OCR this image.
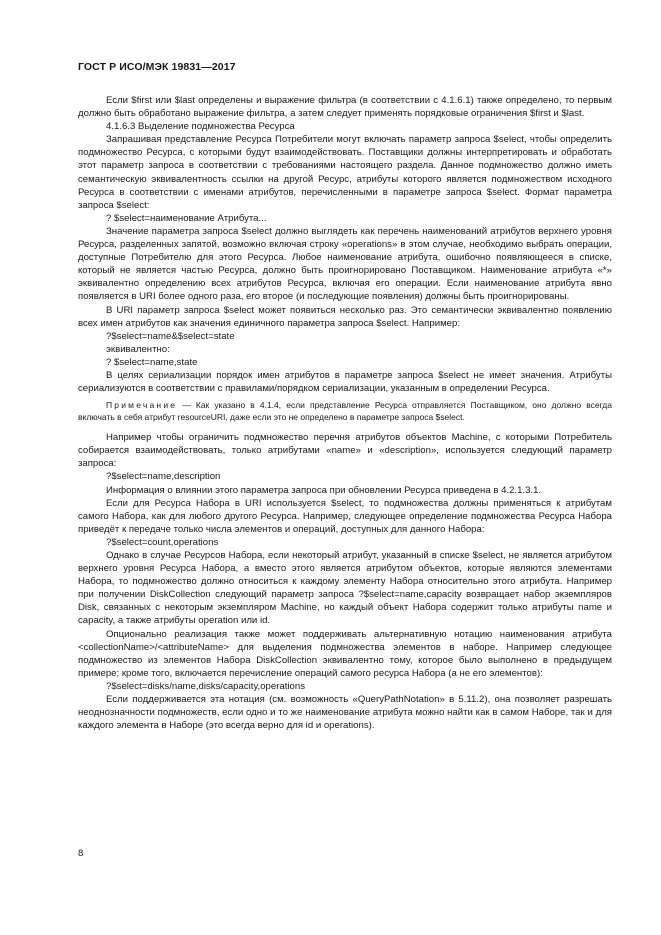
ГОСТ Р ИСО/МЭК 19831—2017

Если $first или $last определены и выражение фильтра (в соответствии с 4.1.6.1) также определено, то первым должно быть обработано выражение фильтра, а затем следует применять порядковые ограничения $first и $last.

4.1.6.3 Выделение подмножества Ресурса

Запрашивая представление Ресурса Потребители могут включать параметр запроса $select, чтобы определить подмножество Ресурса, с которыми будут взаимодействовать. Поставщики должны интерпретировать и обработать этот параметр запроса в соответствии с требованиями настоящего раздела. Данное подмножество должно иметь семантическую эквивалентность ссылки на другой Ресурс, атрибуты которого является подмножеством исходного Ресурса в соответствии с именами атрибутов, перечисленными в параметре запроса $select. Формат параметра запроса $select:

? $select=наименование Атрибута...

Значение параметра запроса $select должно выглядеть как перечень наименований атрибутов верхнего уровня Ресурса, разделенных запятой, возможно включая строку «operations» в этом случае, необходимо выбрать операции, доступные Потребителю для этого Ресурса. Любое наименование атрибута, ошибочно появляющееся в списке, который не является частью Ресурса, должно быть проигнорировано Поставщиком. Наименование атрибута «*» эквивалентно определению всех атрибутов Ресурса, включая его операции. Если наименование атрибута явно появляется в URI более одного раза, его второе (и последующие появления) должны быть проигнорированы.

В URI параметр запроса $select может появиться несколько раз. Это семантически эквивалентно появлению всех имен атрибутов как значения единичного параметра запроса $select. Например:

?$select=name&$select=state

эквивалентно:

? $select=name,state

В целях сериализации порядок имен атрибутов в параметре запроса $select не имеет значения. Атрибуты сериализуются в соответствии с правилами/порядком сериализации, указанным в определении Ресурса.

Примечание — Как указано в 4.1.4, если представление Ресурса отправляется Поставщиком, оно должно всегда включать в себя атрибут resourceURI, даже если это не определено в параметре запроса $select.

Например чтобы ограничить подмножество перечня атрибутов объектов Machine, с которыми Потребитель собирается взаимодействовать, только атрибутами «name» и «description», используется следующий параметр запроса:

?$select=name,description

Информация о влиянии этого параметра запроса при обновлении Ресурса приведена в 4.2.1.3.1.

Если для Ресурса Набора в URI используется $select, то подмножества должны применяться к атрибутам самого Набора, как для любого другого Ресурса. Например, следующее определение подмножества Ресурса Набора приведёт к передаче только числа элементов и операций, доступных для данного Набора:

?$select=count,operations

Однако в случае Ресурсов Набора, если некоторый атрибут, указанный в списке $select, не является атрибутом верхнего уровня Ресурса Набора, а вместо этого является атрибутом объектов, которые являются элементами Набора, то подмножество должно относиться к каждому элементу Набора относительно этого атрибута. Например при получении DiskCollection следующий параметр запроса ?$select=name,capacity возвращает набор экземпляров Disk, связанных с некоторым экземпляром Machine, но каждый объект Набора содержит только атрибуты name и capacity, а также атрибуты operation или id.

Опционально реализация также может поддерживать альтернативную нотацию наименования атрибута <collectionName>/<attributeName> для выделения подмножества элементов в наборе. Например следующее подмножество из элементов Набора DiskCollection эквивалентно тому, которое было выполнено в предыдущем примере; кроме того, включается перечисление операций самого ресурса Набора (а не его элементов):

?$select=disks/name,disks/capacity,operations

Если поддерживается эта нотация (см. возможность «QueryPathNotation» в 5.11.2), она позволяет разрешать неоднозначности подмножеств, если одно и то же наименование атрибута можно найти как в самом Наборе, так и для каждого элемента в Наборе (это всегда верно для id и operations).

8
